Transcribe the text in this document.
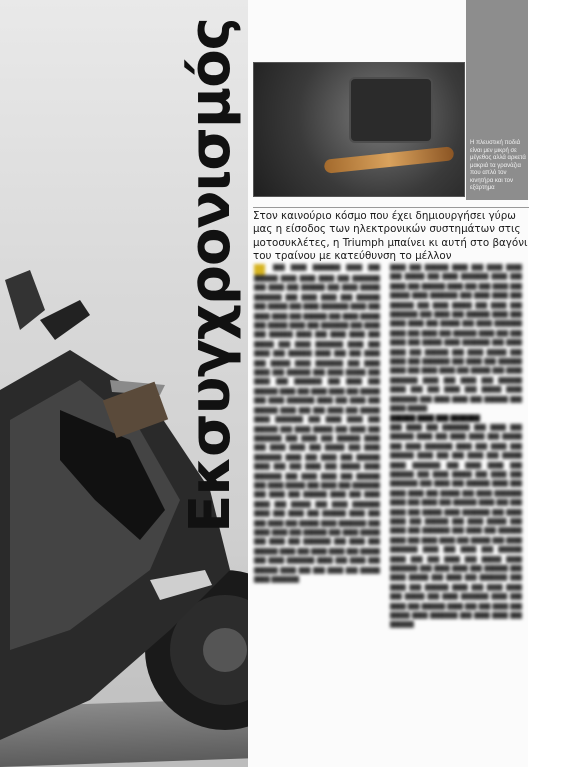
Η πλευστική ποδιά είναι μεν μικρή σε μέγεθος αλλά αρκετά μακριά τα γρανάζια που απλό τον κινητήρα και τον εξάρτημα
Εκσυγχρονισμός Στον καινούριο κόσμο που έχει δημιουργήσει γύρω μας η είσοδος των ηλεκτρονικών συστημάτων στις μοτοσυκλέτες, η Triumph μπαίνει κι αυτή στο βαγόνι του τραίνου με κατεύθυνση το μέλλον
███ ████ ███████ ████ ███ ██████ ████ ████ ████ ███ ███████ ███ ████ ███ ██████ ███ ████ █████ ███████ ███ ████ ████ ███ ██████ ███ █████ ███ ████ ███████ ████ ███ ████ ████ ███ ██████ ███ ████ █████ ███ █████ ████ ███ ███████ ███ ████ ███ ██████ ████ ███ ████ ████ ███ █████ ███ ████ ███████ ████ ███ ████ ███ ██████ ████ ███ ███ ████ ███ █████ ████ ███████ ███ ████ ████ ███ ██████ ███ ████ █████ ███ ████ ███ ███████ ███ ████ ███ ██████ ████ ███ ████ ████ ███ █████ ███ ████ ███████ ████ ███ ████ ███ ██████ ████ ███ ███ ████ ███ █████ ████ ███████ ███ ████ ████ ███ ██████ ███ ████ █████ ███ ████ ███ ███████ ███ ████ ███ ██████ ████ ███ ████ ████ ███ █████ ███ ████ ███████ ████ ███ ████ ███ ██████ ████ ███ ███ ████ ███ █████ ████ ███████ ███ ████ ████ ███ ██████ ███ ████ █████ ███ ████ ███ ███████ ███ ████ ███ ██████ ████ ███ ████ ████ ███ █████ ███ ████ ███████ ████ ███ ████ ███ ██████ ████ ███ ███ ████ ███ █████ ████ ███████ ███ ████ ████ ███ ██████ ███ ████ █████ ███ ████ ███ ███████ ███ ████ ███ ██████ ████ ███ ████ ████ ███ █████ ███ ████ ███████ ████ ███ ████ ███ ██████ ████ ███ ███ ████ ███ █████ ████ ███████
████ ███ ██████ ████ ███ ████ ████ ███ █████ ███ ████ ███████ ████ ███ ████ ███ ██████ ████ ███ ███ ████ ███ █████ ████ ███████ ███ ████ ████ ███ ██████ ███ ████ █████ ███ ████ ███ ███████ ███ ████ ███ ██████ ████ ███ ████ ████ ███ █████ ███ ████ ███████ ████ ███ ████ ███ ██████ ████ ███ ███ ████ ███ █████ ████ ███████ ███ ████ ████ ███ ██████ ███ ████ █████ ███ ████ ███ ███████ ███ ████ ███ ██████ ████ ███ ████ ████ ███ █████ ███ ████ ███████ ████ ███ ████ ███ ██████ ████ ███ ███ ████ ███ █████ ████ ███████ ███ ████ ████ ███ ██████ ███ ████ █████
██████ ████ ███ ███████
███ ████ ███ ███████ ███ ████ ███ ██████ ████ ███ ████ ████ ███ █████ ███ ████ ███████ ████ ███ ████ ███ ██████ ████ ███ ███ ████ ███ █████ ████ ███████ ███ ████ ████ ███ ██████ ███ ████ █████ ███ ████ ███ ███████ ███ ████ ███ ██████ ████ ███ ████ ████ ███ █████ ███ ████ ███████ ████ ███ ████ ███ ██████ ████ ███ ███ ████ ███ █████ ████ ███████ ███ ████ ████ ███ ██████ ███ ████ █████ ███ ████ ███ ███████ ███ ████ ███ ██████ ████ ███ ████ ████ ███ █████ ███ ████ ███████ ████ ███ ████ ███ ██████ ████ ███ ███ ████ ███ █████ ████ ███████ ███ ████ ████ ███ ██████ ███ ████ █████ ███ ████ ███ ███████ ███ ████ ███ ██████ ████ ███ ████ ████ ███ █████ ███ ████ ███████ ████ ███ ████ ███ ██████ ████ ███ ███ ████ ███ █████ ████ ███████ ███ ████ ████ ███ ██████
